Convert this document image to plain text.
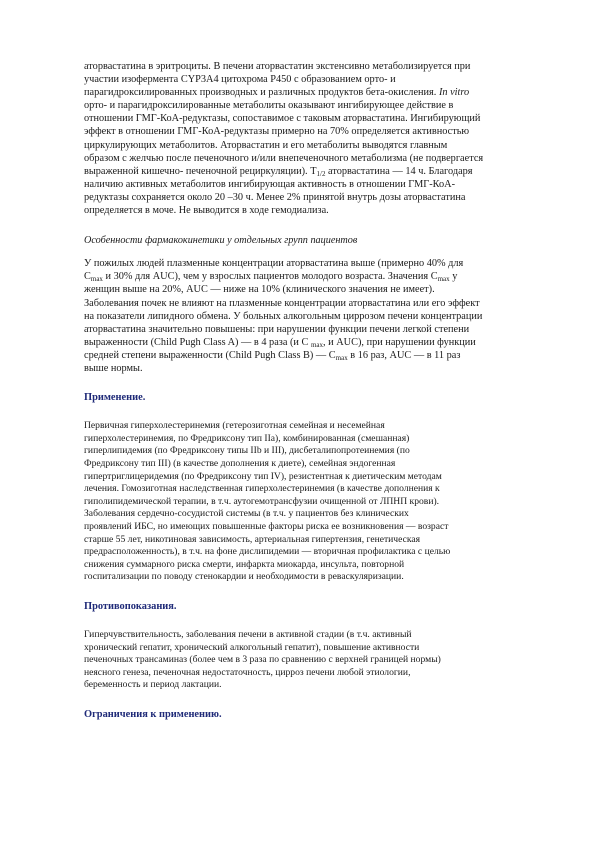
аторвастатина в эритроциты. В печени аторвастатин экстенсивно метаболизируется при
участии изофермента CYP3A4 цитохрома P450 с образованием орто- и
парагидроксилированных производных и различных продуктов бета-окисления. In vitro
орто- и парагидроксилированные метаболиты оказывают ингибирующее действие в
отношении ГМГ-КоА-редуктазы, сопоставимое с таковым аторвастатина. Ингибирующий
эффект в отношении ГМГ-КоА-редуктазы примерно на 70% определяется активностью
циркулирующих метаболитов. Аторвастатин и его метаболиты выводятся главным
образом с желчью после печеночного и/или внепеченочного метаболизма (не подвергается
выраженной кишечно- печеночной рециркуляции). $T_{1/2}$ аторвастатина — 14 ч. Благодаря
наличию активных метаболитов ингибирующая активность в отношении ГМГ-КоА-
редуктазы сохраняется около 20 –30 ч. Менее 2% принятой внутрь дозы аторвастатина
определяется в моче. Не выводится в ходе гемодиализа.

Особенности фармакокинетики у отдельных групп пациентов

У пожилых людей плазменные концентрации аторвастатина выше (примерно 40% для
$C_{max}$ и 30% для AUC), чем у взрослых пациентов молодого возраста. Значения $C_{max}$ у
женщин выше на 20%, AUC — ниже на 10% (клинического значения не имеет).
Заболевания почек не влияют на плазменные концентрации аторвастатина или его эффект
на показатели липидного обмена. У больных алкогольным циррозом печени концентрации
аторвастатина значительно повышены: при нарушении функции печени легкой степени
выраженности (Child Pugh Class A) — в 4 раза (и C $_{max}$, и AUC), при нарушении функции
средней степени выраженности (Child Pugh Class B) — $C_{max}$ в 16 раз, AUC — в 11 раз
выше нормы.

Применение.

Первичная гиперхолестеринемия (гетерозиготная семейная и несемейная
гиперхолестеринемия, по Фредриксону тип IIa), комбинированная (смешанная)
гиперлипидемия (по Фредриксону типы IIb и III), дисбеталипопротеинемия (по
Фредриксону тип III) (в качестве дополнения к диете), семейная эндогенная
гипертриглицеридемия (по Фредриксону тип IV), резистентная к диетическим методам
лечения. Гомозиготная наследственная гиперхолестеринемия (в качестве дополнения к
гиполипидемической терапии, в т.ч. аутогемотрансфузии очищенной от ЛПНП крови).
Заболевания сердечно-сосудистой системы (в т.ч. у пациентов без клинических
проявлений ИБС, но имеющих повышенные факторы риска ее возникновения — возраст
старше 55 лет, никотиновая зависимость, артериальная гипертензия, генетическая
предрасположенность), в т.ч. на фоне дислипидемии — вторичная профилактика с целью
снижения суммарного риска смерти, инфаркта миокарда, инсульта, повторной
госпитализации по поводу стенокардии и необходимости в реваскуляризации.

Противопоказания.

Гиперчувствительность, заболевания печени в активной стадии (в т.ч. активный
хронический гепатит, хронический алкогольный гепатит), повышение активности
печеночных трансаминаз (более чем в 3 раза по сравнению с верхней границей нормы)
неясного генеза, печеночная недостаточность, цирроз печени любой этиологии,
беременность и период лактации.

Ограничения к применению.
